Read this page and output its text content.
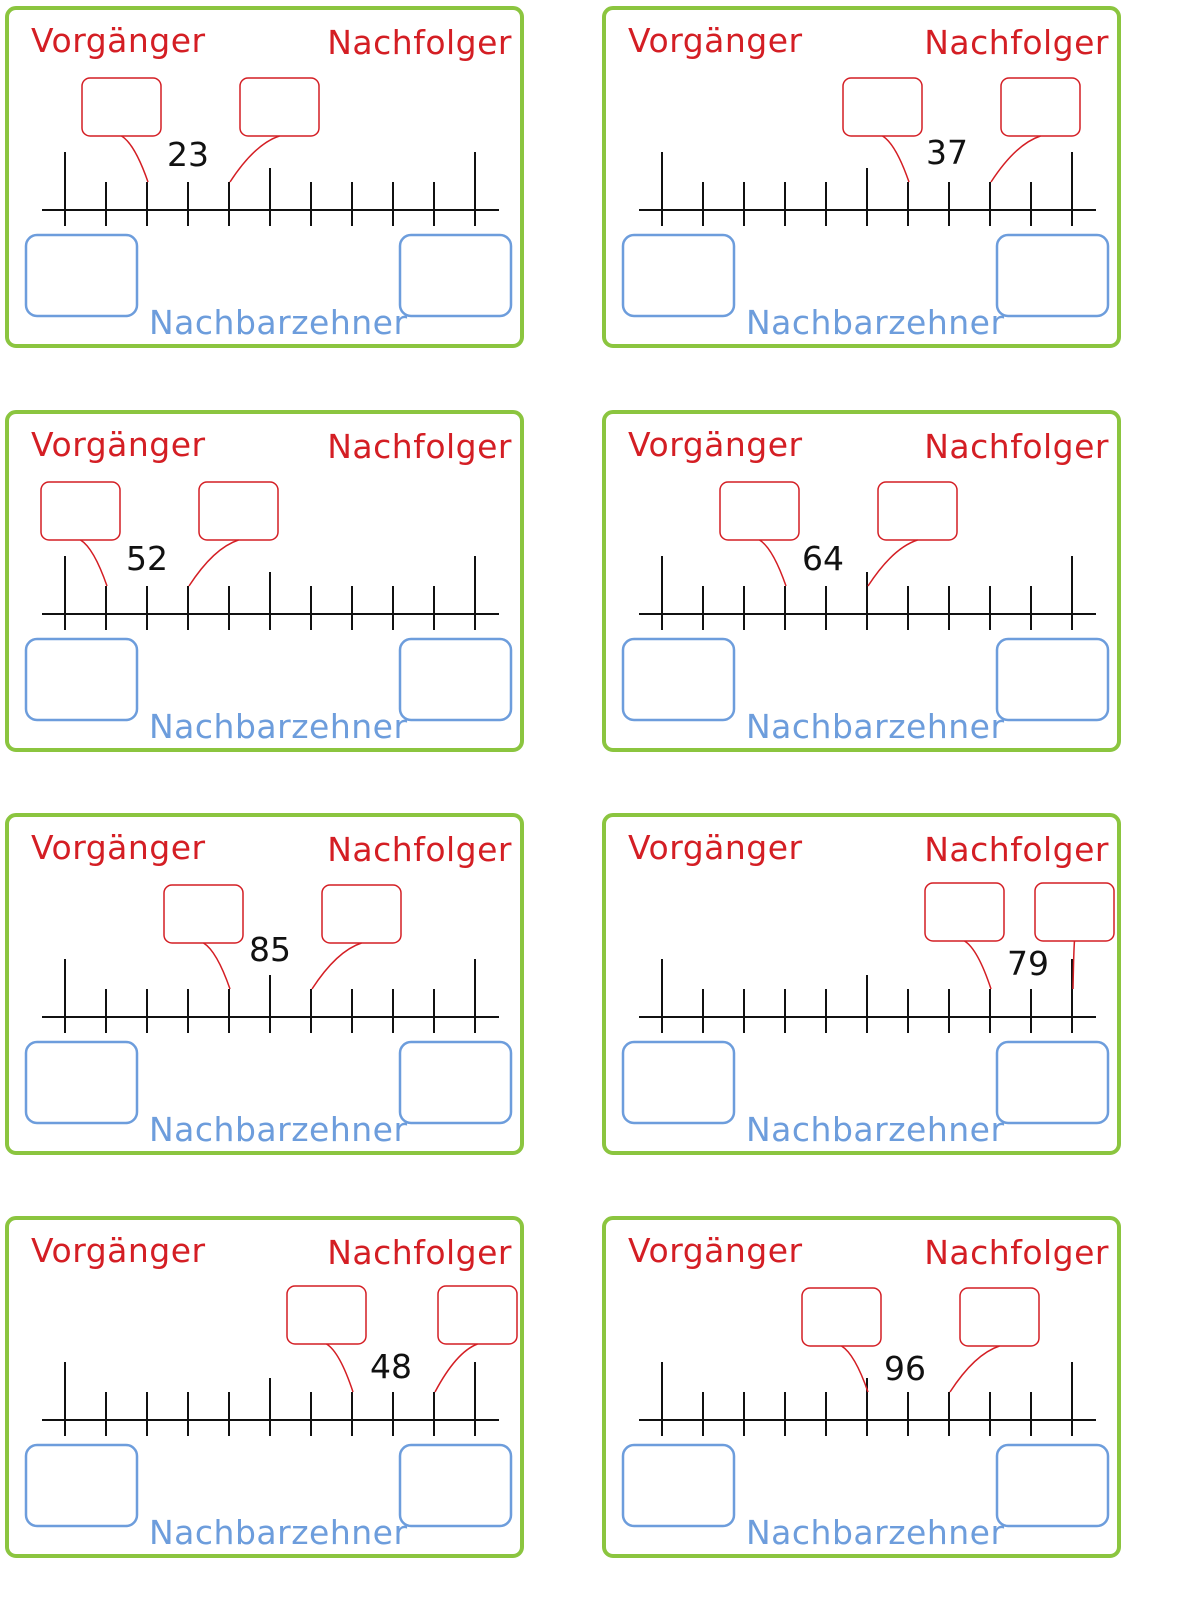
Vorgänger	Nachfolger
Nachbarzehner
23
Vorgänger	Nachfolger
Nachbarzehner
37
Vorgänger	Nachfolger
Nachbarzehner
52
Vorgänger	Nachfolger
Nachbarzehner
64
Vorgänger	Nachfolger
Nachbarzehner
85
Vorgänger	Nachfolger
Nachbarzehner
79
Vorgänger	Nachfolger
Nachbarzehner
48
Vorgänger	Nachfolger
Nachbarzehner
96
